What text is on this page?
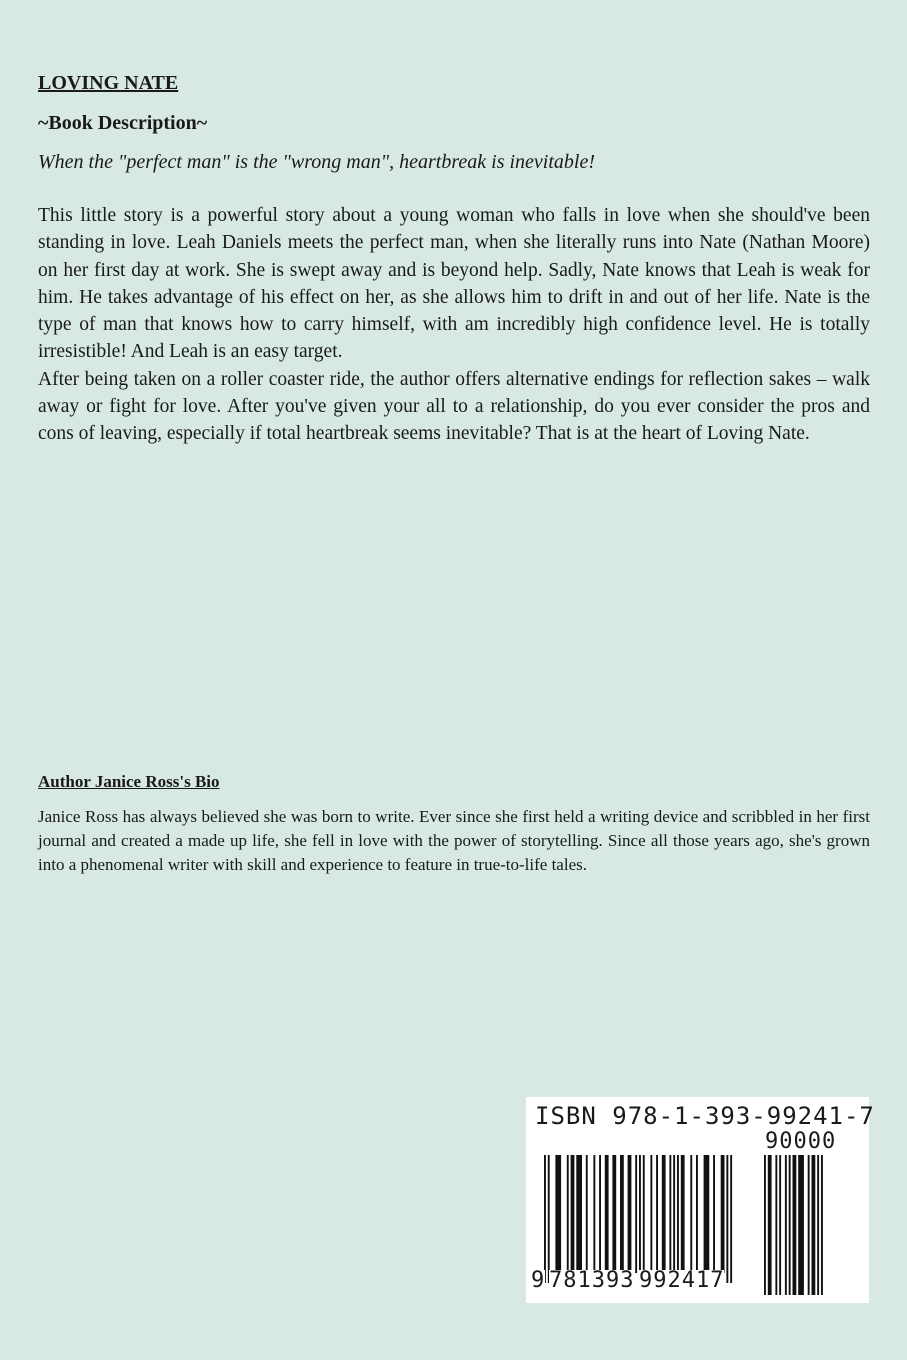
LOVING NATE
~Book Description~
When the "perfect man" is the "wrong man", heartbreak is inevitable!

This little story is a powerful story about a young woman who falls in love when she should've been standing in love. Leah Daniels meets the perfect man, when she literally runs into Nate (Nathan Moore) on her first day at work. She is swept away and is beyond help. Sadly, Nate knows that Leah is weak for him. He takes advantage of his effect on her, as she allows him to drift in and out of her life. Nate is the type of man that knows how to carry himself, with am incredibly high confidence level. He is totally irresistible! And Leah is an easy target.

After being taken on a roller coaster ride, the author offers alternative endings for reflection sakes – walk away or fight for love. After you've given your all to a relationship, do you ever consider the pros and cons of leaving, especially if total heartbreak seems inevitable? That is at the heart of Loving Nate.

Author Janice Ross's Bio
Janice Ross has always believed she was born to write. Ever since she first held a writing device and scribbled in her first journal and created a made up life, she fell in love with the power of storytelling. Since all those years ago, she's grown into a phenomenal writer with skill and experience to feature in true-to-life tales.
ISBN 978-1-393-99241-7
90000
9 781393 992417
